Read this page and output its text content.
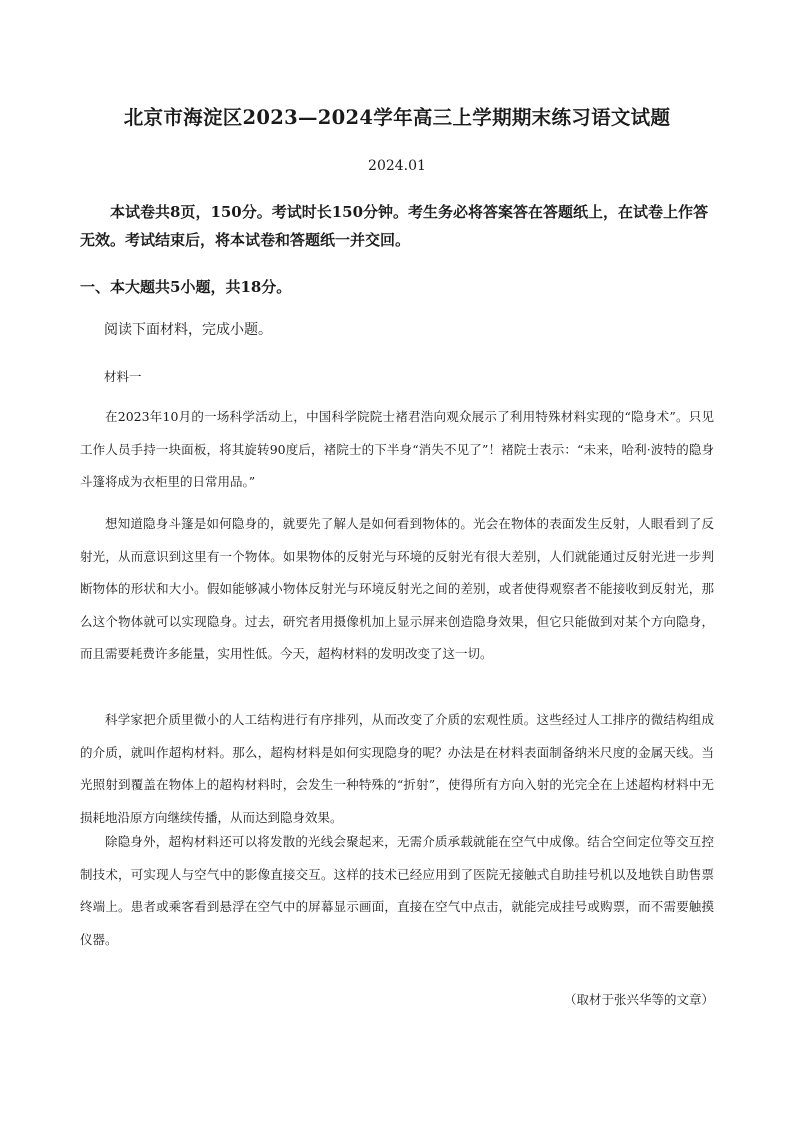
北京市海淀区2023—2024学年高三上学期期末练习语文试题

2024.01

本试卷共8页，150分。考试时长150分钟。考生务必将答案答在答题纸上，在试卷上作答无效。考试结束后，将本试卷和答题纸一并交回。

一、本大题共5小题，共18分。

阅读下面材料，完成小题。

材料一

在2023年10月的一场科学活动上，中国科学院院士褚君浩向观众展示了利用特殊材料实现的“隐身术”。只见工作人员手持一块面板，将其旋转90度后，褚院士的下半身“消失不见了”！褚院士表示：“未来，哈利·波特的隐身斗篷将成为衣柜里的日常用品。”

想知道隐身斗篷是如何隐身的，就要先了解人是如何看到物体的。光会在物体的表面发生反射，人眼看到了反射光，从而意识到这里有一个物体。如果物体的反射光与环境的反射光有很大差别，人们就能通过反射光进一步判断物体的形状和大小。假如能够减小物体反射光与环境反射光之间的差别，或者使得观察者不能接收到反射光，那么这个物体就可以实现隐身。过去，研究者用摄像机加上显示屏来创造隐身效果，但它只能做到对某个方向隐身，而且需要耗费许多能量，实用性低。今天，超构材料的发明改变了这一切。

科学家把介质里微小的人工结构进行有序排列，从而改变了介质的宏观性质。这些经过人工排序的微结构组成的介质，就叫作超构材料。那么，超构材料是如何实现隐身的呢？办法是在材料表面制备纳米尺度的金属天线。当光照射到覆盖在物体上的超构材料时，会发生一种特殊的“折射”，使得所有方向入射的光完全在上述超构材料中无损耗地沿原方向继续传播，从而达到隐身效果。

除隐身外，超构材料还可以将发散的光线会聚起来，无需介质承载就能在空气中成像。结合空间定位等交互控制技术，可实现人与空气中的影像直接交互。这样的技术已经应用到了医院无接触式自助挂号机以及地铁自助售票终端上。患者或乘客看到悬浮在空气中的屏幕显示画面，直接在空气中点击，就能完成挂号或购票，而不需要触摸仪器。

（取材于张兴华等的文章）
